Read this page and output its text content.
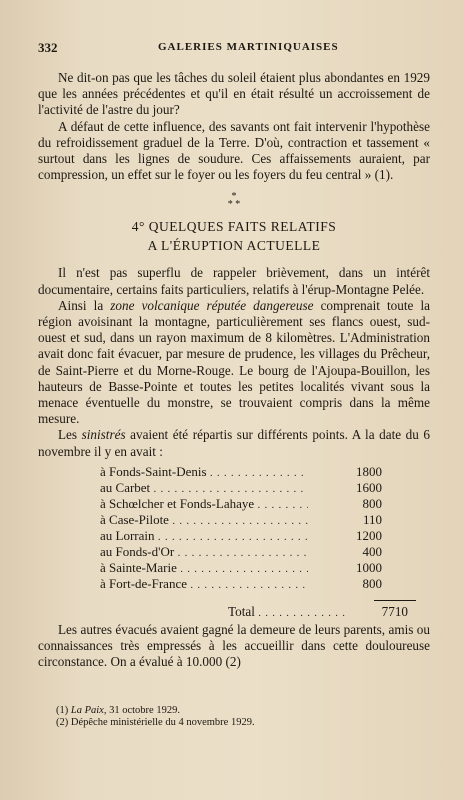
332	GALERIES MARTINIQUAISES

Ne dit-on pas que les tâches du soleil étaient plus abondantes en 1929 que les années précédentes et qu'il en était résulté un accroissement de l'activité de l'astre du jour?

A défaut de cette influence, des savants ont fait intervenir l'hypothèse du refroidissement graduel de la Terre. D'où, contraction et tassement « surtout dans les lignes de soudure. Ces affaissements auraient, par compression, un effet sur le foyer ou les foyers du feu central » (1).

*
* *
4° QUELQUES FAITS RELATIFS
A L'ÉRUPTION ACTUELLE

Il n'est pas superflu de rappeler brièvement, dans un intérêt documentaire, certains faits particuliers, relatifs à l'érup-Montagne Pelée.

Ainsi la zone volcanique réputée dangereuse comprenait toute la région avoisinant la montagne, particulièrement ses flancs ouest, sud-ouest et sud, dans un rayon maximum de 8 kilomètres. L'Administration avait donc fait évacuer, par mesure de prudence, les villages du Prêcheur, de Saint-Pierre et du Morne-Rouge. Le bourg de l'Ajoupa-Bouillon, les hauteurs de Basse-Pointe et toutes les petites localités vivant sous la menace éventuelle du monstre, se trouvaient compris dans la même mesure.

Les sinistrés avaient été répartis sur différents points. A la date du 6 novembre il y en avait :

à Fonds-Saint-Denis . . .	1800
au Carbet . . .	1600
à Schœlcher et Fonds-Lahaye . . .	800
à Case-Pilote . . .	110
au Lorrain . . .	1200
au Fonds-d'Or . . .	400
à Sainte-Marie . . .	1000
à Fort-de-France . . .	800
Total . . .	7710

Les autres évacués avaient gagné la demeure de leurs parents, amis ou connaissances très empressés à les accueillir dans cette douloureuse circonstance. On a évalué à 10.000 (2)

(1) La Paix, 31 octobre 1929.
(2) Dépêche ministérielle du 4 novembre 1929.
